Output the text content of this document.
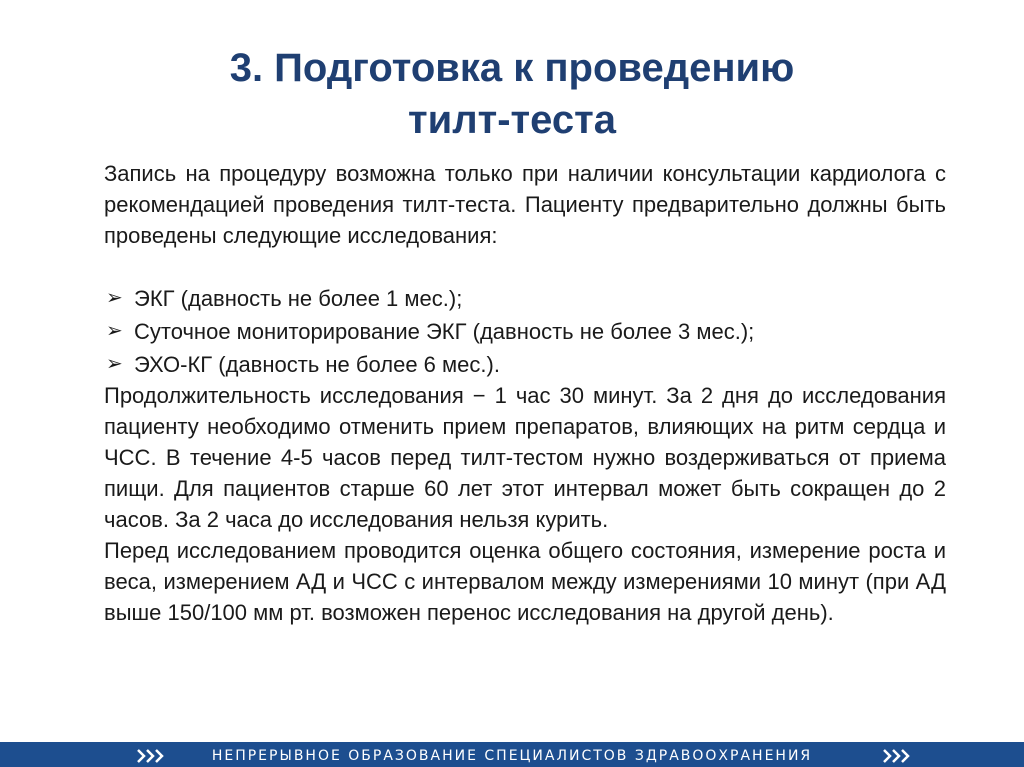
3. Подготовка к проведению
тилт-теста

Запись на процедуру возможна только при наличии консультации кардиолога с рекомендацией проведения тилт-теста. Пациенту предварительно должны быть проведены следующие исследования:

➢ ЭКГ (давность не более 1 мес.);
➢ Суточное мониторирование ЭКГ (давность не более 3 мес.);
➢ ЭХО-КГ (давность не более 6 мес.).

Продолжительность исследования − 1 час 30 минут. За 2 дня до исследования пациенту необходимо отменить прием препаратов, влияющих на ритм сердца и ЧСС. В течение 4-5 часов перед тилт-тестом нужно воздерживаться от приема пищи. Для пациентов старше 60 лет этот интервал может быть сокращен до 2 часов. За 2 часа до исследования нельзя курить.

Перед исследованием проводится оценка общего состояния, измерение роста и веса, измерением АД и ЧСС с интервалом между измерениями 10 минут (при АД выше 150/100 мм рт. возможен перенос исследования на другой день).

НЕПРЕРЫВНОЕ ОБРАЗОВАНИЕ СПЕЦИАЛИСТОВ ЗДРАВООХРАНЕНИЯ
